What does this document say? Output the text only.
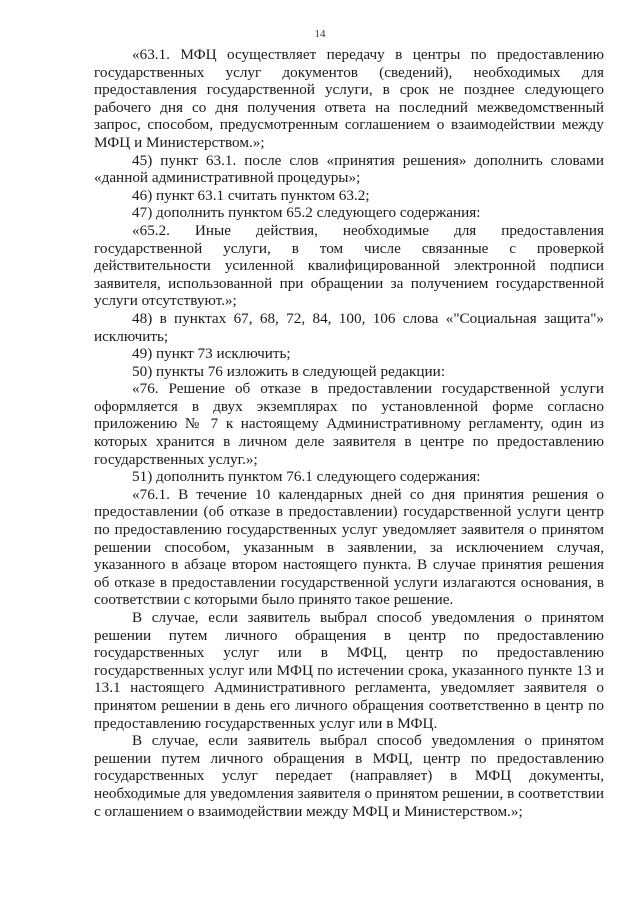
14

«63.1. МФЦ осуществляет передачу в центры по предоставлению государственных услуг документов (сведений), необходимых для предоставления государственной услуги, в срок не позднее следующего рабочего дня со дня получения ответа на последний межведомственный запрос, способом, предусмотренным соглашением о взаимодействии между МФЦ и Министерством.»;

45) пункт 63.1. после слов «принятия решения» дополнить словами «данной административной процедуры»;

46) пункт 63.1 считать пунктом 63.2;

47) дополнить пунктом 65.2 следующего содержания:

«65.2. Иные действия, необходимые для предоставления государственной услуги, в том числе связанные с проверкой действительности усиленной квалифицированной электронной подписи заявителя, использованной при обращении за получением государственной услуги отсутствуют.»;

48) в пунктах 67, 68, 72, 84, 100, 106 слова «"Социальная защита"» исключить;

49) пункт 73 исключить;

50) пункты 76 изложить в следующей редакции:

«76. Решение об отказе в предоставлении государственной услуги оформляется в двух экземплярах по установленной форме согласно приложению № 7 к настоящему Административному регламенту, один из которых хранится в личном деле заявителя в центре по предоставлению государственных услуг.»;

51) дополнить пунктом 76.1 следующего содержания:

«76.1. В течение 10 календарных дней со дня принятия решения о предоставлении (об отказе в предоставлении) государственной услуги центр по предоставлению государственных услуг уведомляет заявителя о принятом решении способом, указанным в заявлении, за исключением случая, указанного в абзаце втором настоящего пункта. В случае принятия решения об отказе в предоставлении государственной услуги излагаются основания, в соответствии с которыми было принято такое решение.

В случае, если заявитель выбрал способ уведомления о принятом решении путем личного обращения в центр по предоставлению государственных услуг или в МФЦ, центр по предоставлению государственных услуг или МФЦ по истечении срока, указанного пункте 13 и 13.1 настоящего Административного регламента, уведомляет заявителя о принятом решении в день его личного обращения соответственно в центр по предоставлению государственных услуг или в МФЦ.

В случае, если заявитель выбрал способ уведомления о принятом решении путем личного обращения в МФЦ, центр по предоставлению государственных услуг передает (направляет) в МФЦ документы, необходимые для уведомления заявителя о принятом решении, в соответствии с оглашением о взаимодействии между МФЦ и Министерством.»;
